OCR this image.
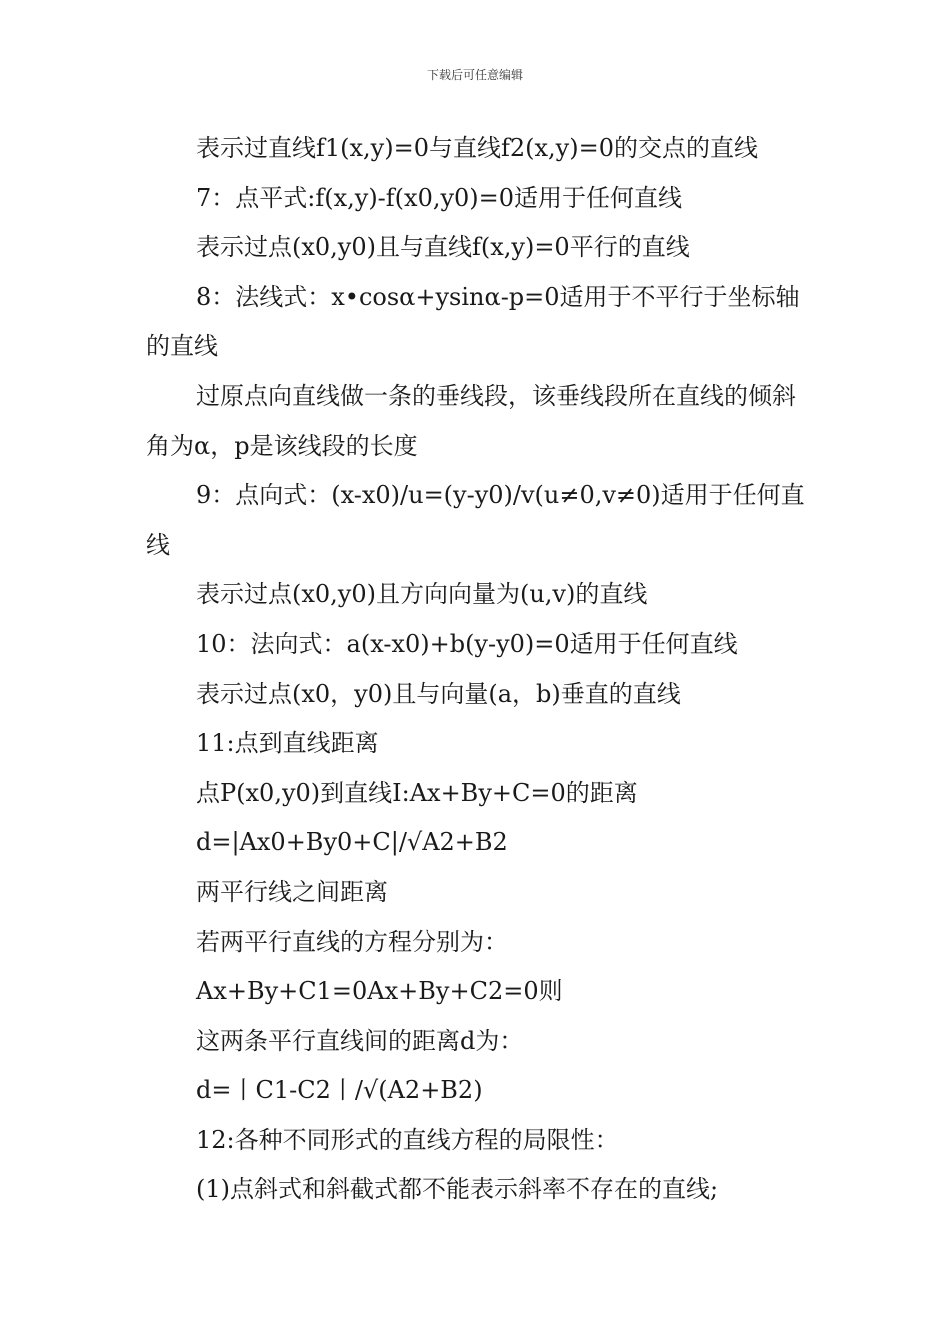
下载后可任意编辑

表示过直线f1(x,y)=0与直线f2(x,y)=0的交点的直线

7：点平式:f(x,y)-f(x0,y0)=0适用于任何直线

表示过点(x0,y0)且与直线f(x,y)=0平行的直线

8：法线式：x•cosα+ysinα-p=0适用于不平行于坐标轴的直线

过原点向直线做一条的垂线段，该垂线段所在直线的倾斜角为α，p是该线段的长度

9：点向式：(x-x0)/u=(y-y0)/v(u≠0,v≠0)适用于任何直线

表示过点(x0,y0)且方向向量为(u,v)的直线

10：法向式：a(x-x0)+b(y-y0)=0适用于任何直线

表示过点(x0，y0)且与向量(a，b)垂直的直线

11:点到直线距离

点P(x0,y0)到直线Ⅰ:Ax+By+C=0的距离

d=|Ax0+By0+C|/√A2+B2

两平行线之间距离

若两平行直线的方程分别为：

Ax+By+C1=0Ax+By+C2=0则

这两条平行直线间的距离d为：

d=丨C1-C2丨/√(A2+B2)

12:各种不同形式的直线方程的局限性：

(1)点斜式和斜截式都不能表示斜率不存在的直线;
